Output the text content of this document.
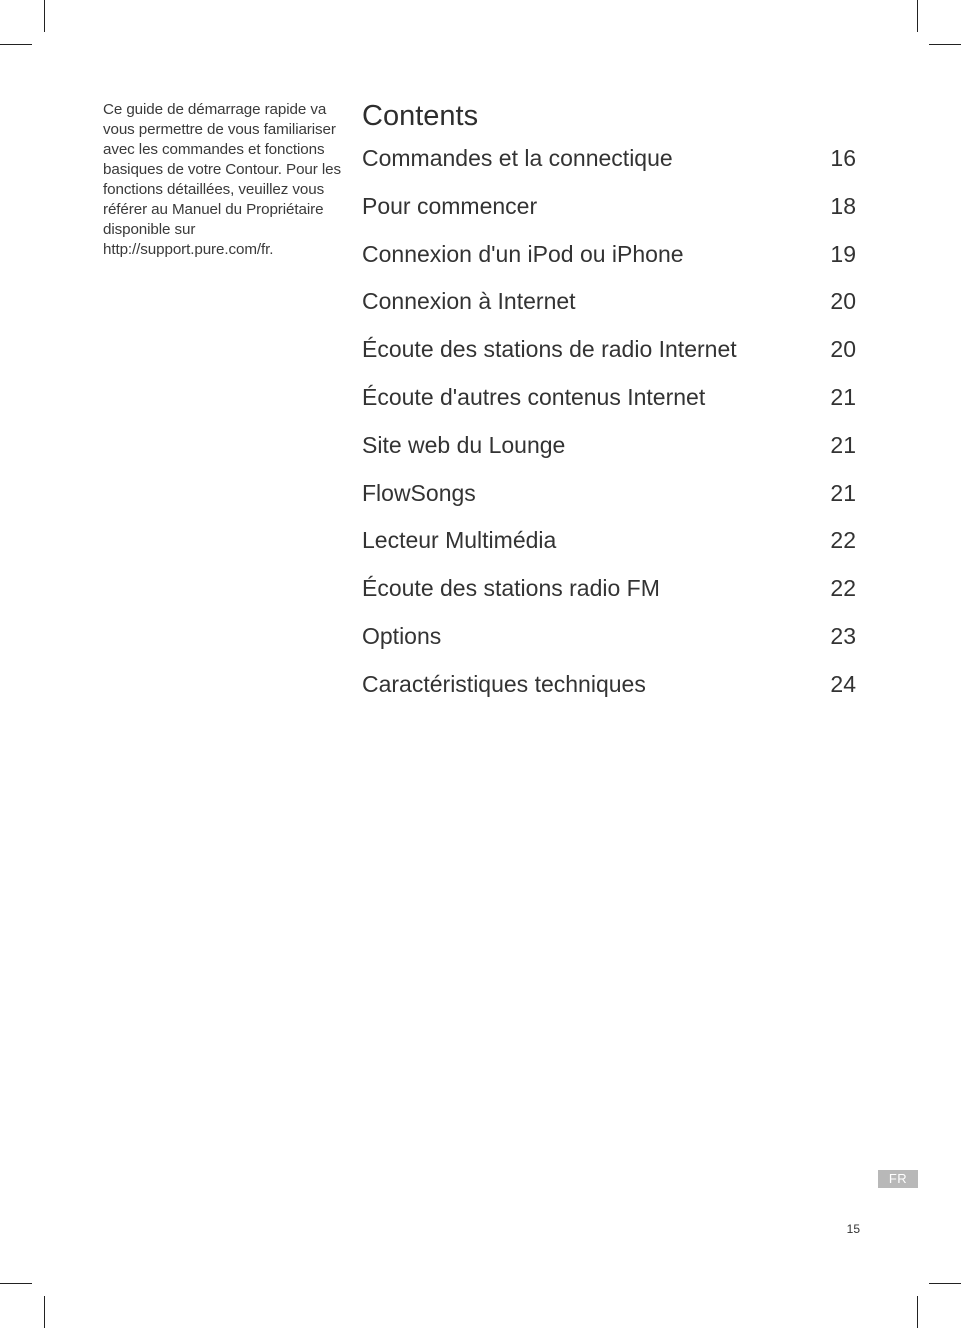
Ce guide de démarrage rapide va vous permettre de vous familiariser avec les commandes et fonctions basiques de votre Contour. Pour les fonctions détaillées, veuillez vous référer au Manuel du Propriétaire disponible sur http://support.pure.com/fr.

Contents
Commandes et la connectique	16
Pour commencer	18
Connexion d'un iPod ou iPhone	19
Connexion à Internet	20
Écoute des stations de radio Internet	20
Écoute d'autres contenus Internet	21
Site web du Lounge	21
FlowSongs	21
Lecteur Multimédia	22
Écoute des stations radio FM	22
Options	23
Caractéristiques techniques	24
FR
15
